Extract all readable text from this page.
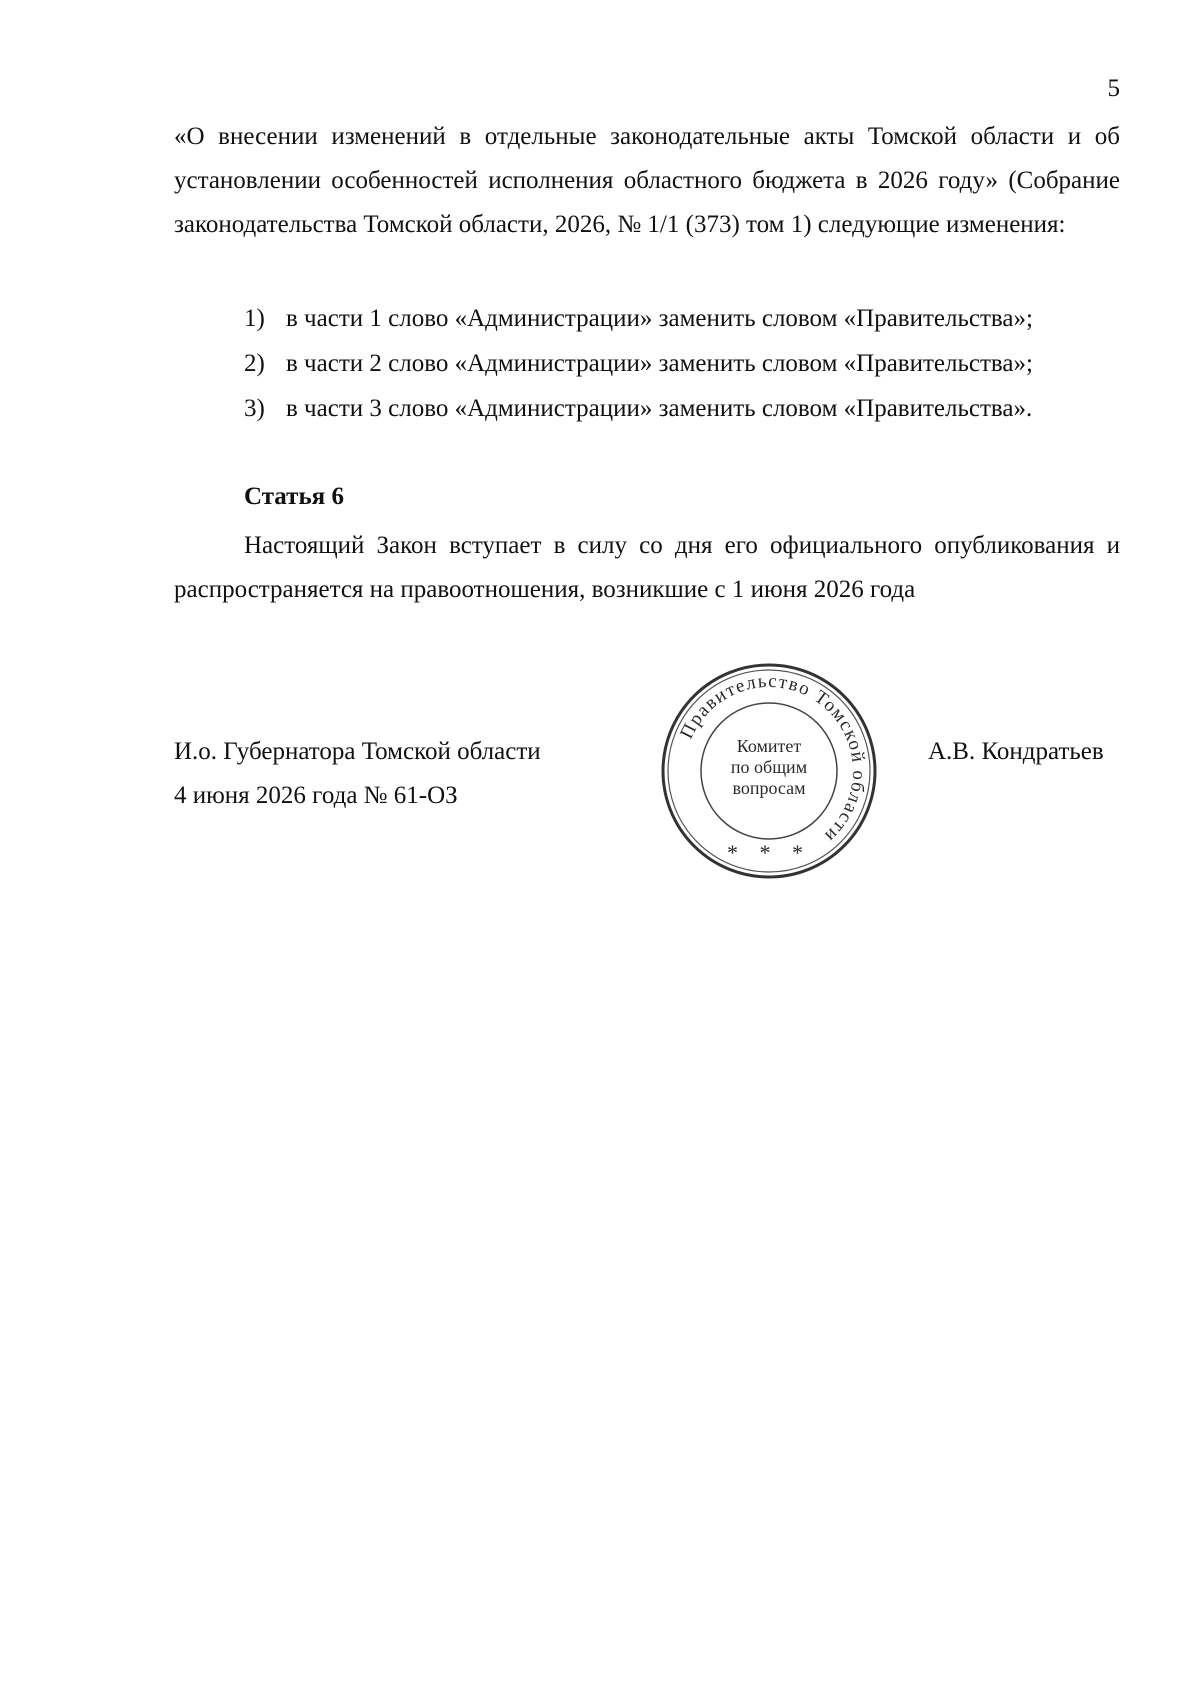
5
«О внесении изменений в отдельные законодательные акты Томской области и об установлении особенностей исполнения областного бюджета в 2026 году» (Собрание законодательства Томской области, 2026, № 1/1 (373) том 1) следующие изменения:
1) в части 1 слово «Администрации» заменить словом «Правительства»;
2) в части 2 слово «Администрации» заменить словом «Правительства»;
3) в части 3 слово «Администрации» заменить словом «Правительства».
Статья 6
Настоящий Закон вступает в силу со дня его официального опубликования и распространяется на правоотношения, возникшие с 1 июня 2026 года
И.о. Губернатора Томской области
4 июня 2026 года № 61-ОЗ
Правительство Томской области
Комитет
по общим
вопросам
* * *
А.В. Кондратьев
